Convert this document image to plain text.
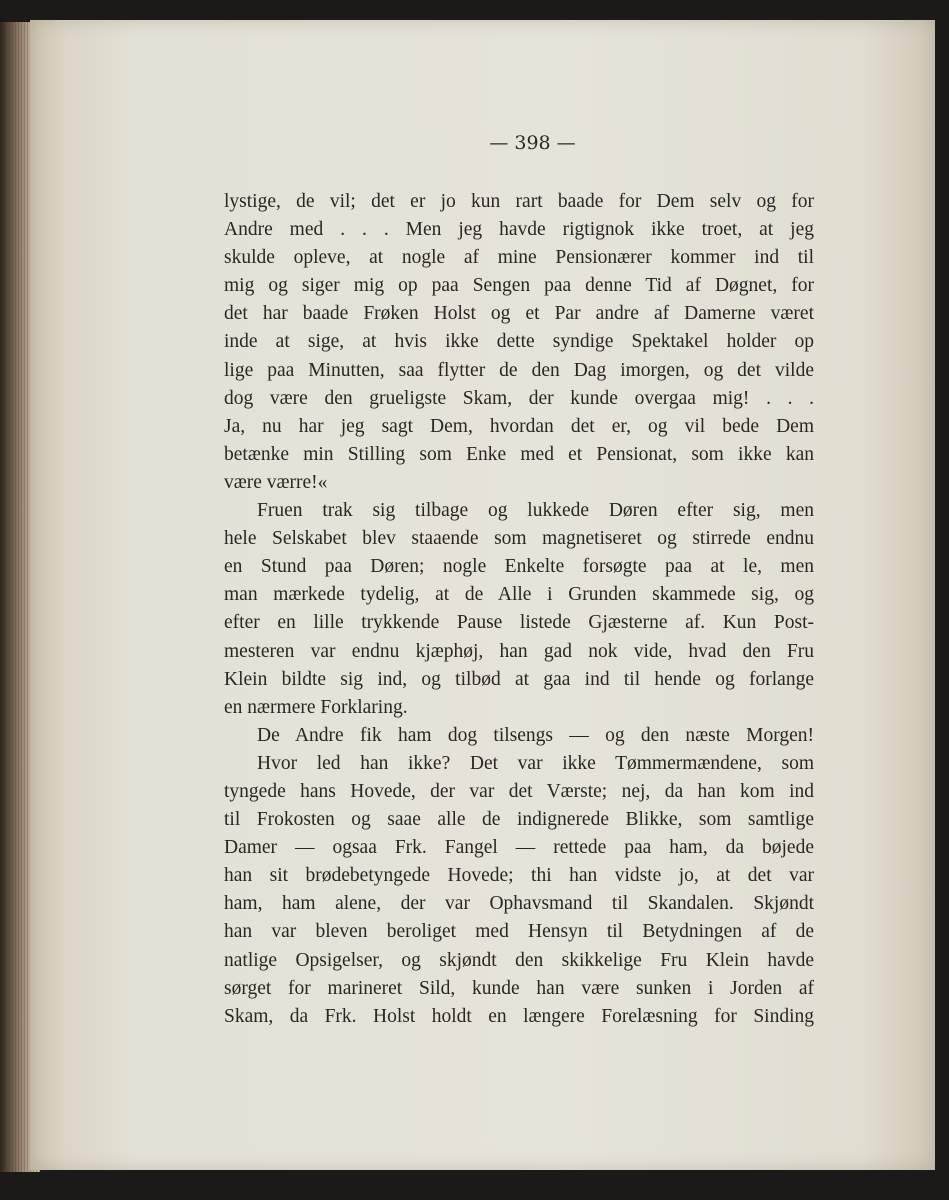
— 398 —
lystige, de vil; det er jo kun rart baade for Dem selv og for
Andre med . . . Men jeg havde rigtignok ikke troet, at jeg
skulde opleve, at nogle af mine Pensionærer kommer ind til
mig og siger mig op paa Sengen paa denne Tid af Døgnet, for
det har baade Frøken Holst og et Par andre af Damerne været
inde at sige, at hvis ikke dette syndige Spektakel holder op
lige paa Minutten, saa flytter de den Dag imorgen, og det vilde
dog være den grueligste Skam, der kunde overgaa mig! . . .
Ja, nu har jeg sagt Dem, hvordan det er, og vil bede Dem
betænke min Stilling som Enke med et Pensionat, som ikke kan
være værre!«
Fruen trak sig tilbage og lukkede Døren efter sig, men
hele Selskabet blev staaende som magnetiseret og stirrede endnu
en Stund paa Døren; nogle Enkelte forsøgte paa at le, men
man mærkede tydelig, at de Alle i Grunden skammede sig, og
efter en lille trykkende Pause listede Gjæsterne af. Kun Post-
mesteren var endnu kjæphøj, han gad nok vide, hvad den Fru
Klein bildte sig ind, og tilbød at gaa ind til hende og forlange
en nærmere Forklaring.
De Andre fik ham dog tilsengs — og den næste Morgen!
Hvor led han ikke? Det var ikke Tømmermændene, som
tyngede hans Hovede, der var det Værste; nej, da han kom ind
til Frokosten og saae alle de indignerede Blikke, som samtlige
Damer — ogsaa Frk. Fangel — rettede paa ham, da bøjede
han sit brødebetyngede Hovede; thi han vidste jo, at det var
ham, ham alene, der var Ophavsmand til Skandalen. Skjøndt
han var bleven beroliget med Hensyn til Betydningen af de
natlige Opsigelser, og skjøndt den skikkelige Fru Klein havde
sørget for marineret Sild, kunde han være sunken i Jorden af
Skam, da Frk. Holst holdt en længere Forelæsning for Sinding
